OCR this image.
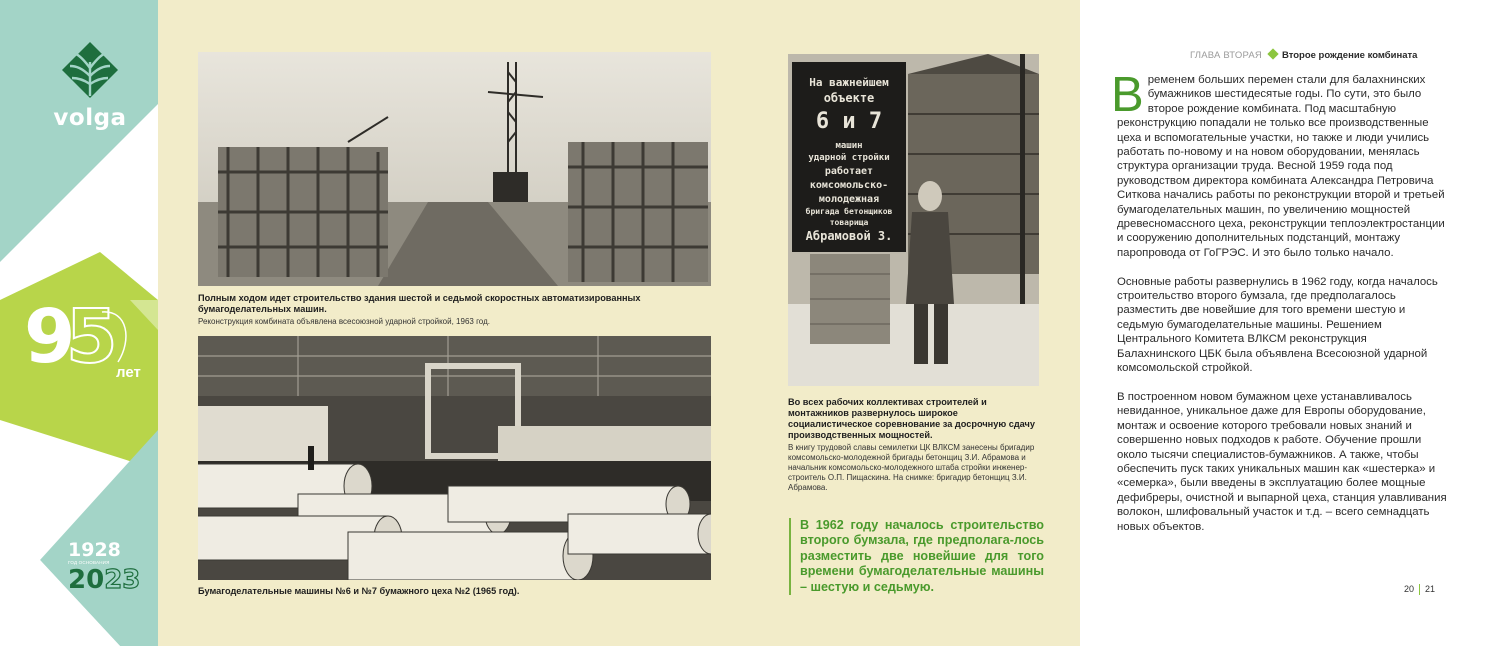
volga
9
5
лет
1928
ГОД ОСНОВАНИЯ
2023
Полным ходом идет строительство здания шестой и седьмой скоростных автоматизированных бумагоделательных машин.
Реконструкция комбината объявлена всесоюзной ударной стройкой, 1963 год.
Бумагоделательные машины №6 и №7 бумажного цеха №2 (1965 год).
На важнейшем
объекте
6 и 7
машин
ударной стройки
работает
комсомольско-
молодежная
бригада бетонщиков
товарища
Абрамовой З.
Во всех рабочих коллективах строителей и монтажников развернулось широкое социалистическое соревнование за досрочную сдачу производственных мощностей.
В книгу трудовой славы семилетки ЦК ВЛКСМ занесены бригадир комсомольско-молодежной бригады бетонщиц З.И. Абрамова и начальник комсомольско-молодежного штаба стройки инженер-строитель О.П. Пищаскина. На снимке: бригадир бетонщиц З.И. Абрамова.

В 1962 году началось строительство второго бумзала, где предполага-лось разместить две новейшие для того времени бумагоделательные машины – шестую и седьмую.

ГЛАВА ВТОРАЯ Второе рождение комбината

Временем больших перемен стали для балахнинских бумажников шестидесятые годы. По сути, это было второе рождение комбината. Под масштабную реконструкцию попадали не только все производственные цеха и вспомогательные участки, но также и люди учились работать по-новому и на новом оборудовании, менялась структура организации труда. Весной 1959 года под руководством директора комбината Александра Петровича Ситкова начались работы по реконструкции второй и третьей бумагоделательных машин, по увеличению мощностей древесномассного цеха, реконструкции теплоэлектростанции и сооружению дополнительных подстанций, монтажу паропровода от ГоГРЭС. И это было только начало.

Основные работы развернулись в 1962 году, когда началось строительство второго бумзала, где предполагалось разместить две новейшие для того времени шестую и седьмую бумагоделательные машины. Решением Центрального Комитета ВЛКСМ реконструкция Балахнинского ЦБК была объявлена Всесоюзной ударной комсомольской стройкой.

В построенном новом бумажном цехе устанавливалось невиданное, уникальное даже для Европы оборудование, монтаж и освоение которого требовали новых знаний и совершенно новых подходов к работе. Обучение прошли около тысячи специалистов-бумажников. А также, чтобы обеспечить пуск таких уникальных машин как «шестерка» и «семерка», были введены в эксплуатацию более мощные дефибреры, очистной и выпарной цеха, станция улавливания волокон, шлифовальный участок и т.д. – всего семнадцать новых объектов.

20 21
